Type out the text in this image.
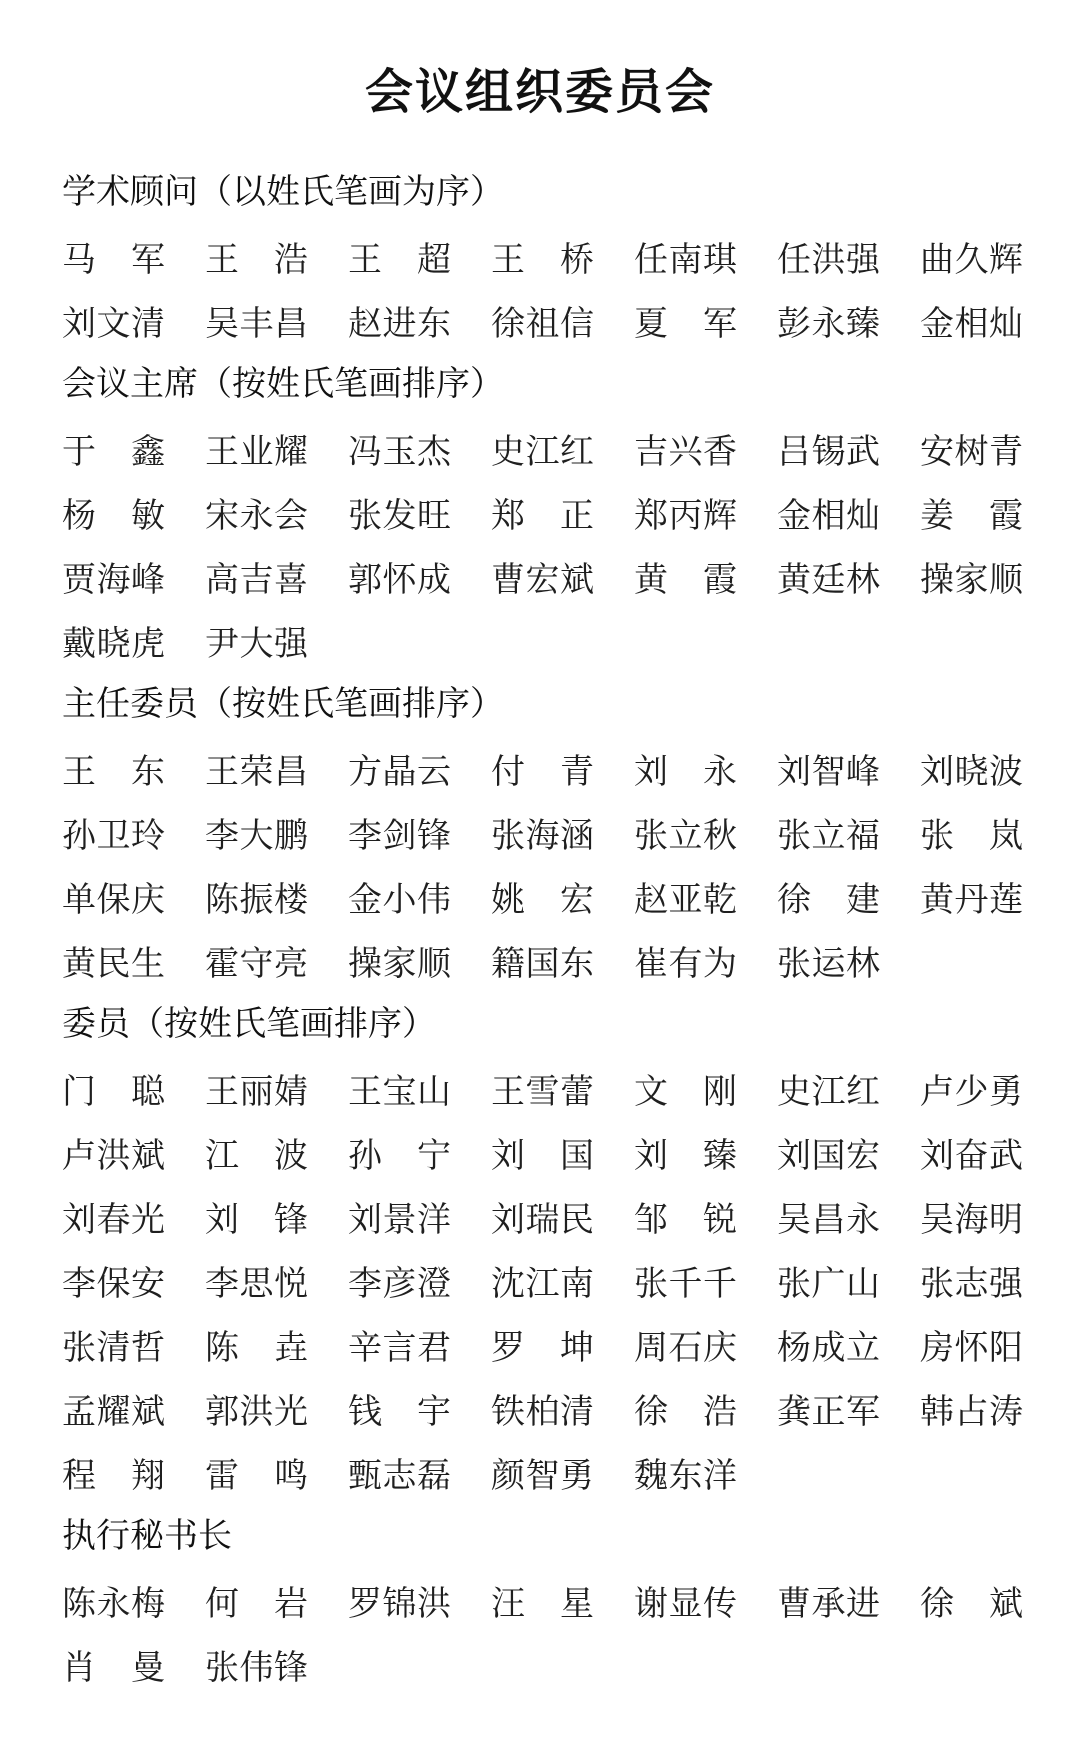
会议组织委员会
学术顾问（以姓氏笔画为序）
马　军 王　浩 王　超 王　桥 任南琪 任洪强 曲久辉
刘文清 吴丰昌 赵进东 徐祖信 夏　军 彭永臻 金相灿
会议主席（按姓氏笔画排序）
于　鑫 王业耀 冯玉杰 史江红 吉兴香 吕锡武 安树青
杨　敏 宋永会 张发旺 郑　正 郑丙辉 金相灿 姜　霞
贾海峰 高吉喜 郭怀成 曹宏斌 黄　霞 黄廷林 操家顺
戴晓虎 尹大强
主任委员（按姓氏笔画排序）
王　东 王荣昌 方晶云 付　青 刘　永 刘智峰 刘晓波
孙卫玲 李大鹏 李剑锋 张海涵 张立秋 张立福 张　岚
单保庆 陈振楼 金小伟 姚　宏 赵亚乾 徐　建 黄丹莲
黄民生 霍守亮 操家顺 籍国东 崔有为 张运林
委员（按姓氏笔画排序）
门　聪 王丽婧 王宝山 王雪蕾 文　刚 史江红 卢少勇
卢洪斌 江　波 孙　宁 刘　国 刘　臻 刘国宏 刘奋武
刘春光 刘　锋 刘景洋 刘瑞民 邹　锐 吴昌永 吴海明
李保安 李思悦 李彦澄 沈江南 张千千 张广山 张志强
张清哲 陈　垚 辛言君 罗　坤 周石庆 杨成立 房怀阳
孟耀斌 郭洪光 钱　宇 铁柏清 徐　浩 龚正军 韩占涛
程　翔 雷　鸣 甄志磊 颜智勇 魏东洋
执行秘书长
陈永梅 何　岩 罗锦洪 汪　星 谢显传 曹承进 徐　斌
肖　曼 张伟锋
